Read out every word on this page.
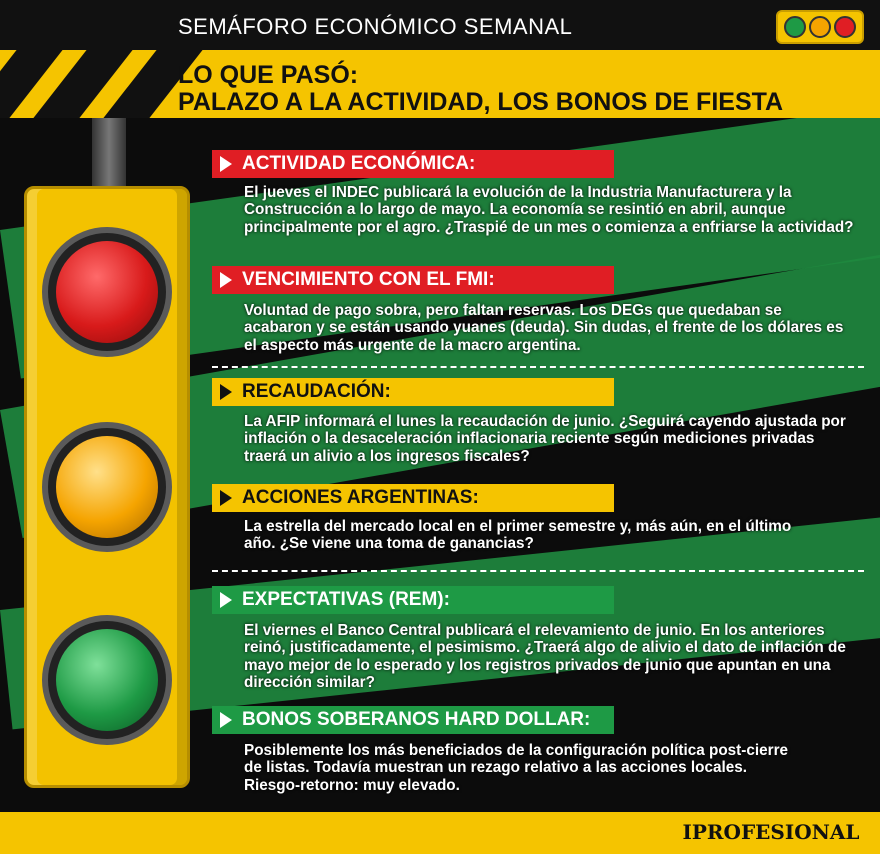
SEMÁFORO ECONÓMICO SEMANAL
LO QUE PASÓ:
PALAZO A LA ACTIVIDAD, LOS BONOS DE FIESTA
ACTIVIDAD ECONÓMICA:
El jueves el INDEC publicará la evolución de la Industria Manufacturera y la Construcción a lo largo de mayo. La economía se resintió en abril, aunque principalmente por el agro. ¿Traspié de un mes o comienza a enfriarse la actividad?
VENCIMIENTO CON EL FMI:
Voluntad de pago sobra, pero faltan reservas. Los DEGs que quedaban se acabaron y se están usando yuanes (deuda). Sin dudas, el frente de los dólares es el aspecto más urgente de la macro argentina.
RECAUDACIÓN:
La AFIP informará el lunes la recaudación de junio. ¿Seguirá cayendo ajustada por inflación o la desaceleración inflacionaria reciente según mediciones privadas traerá un alivio a los ingresos fiscales?
ACCIONES ARGENTINAS:
La estrella del mercado local en el primer semestre y, más aún, en el último año. ¿Se viene una toma de ganancias?
EXPECTATIVAS (REM):
El viernes el Banco Central publicará el relevamiento de junio. En los anteriores reinó, justificadamente, el pesimismo. ¿Traerá algo de alivio el dato de inflación de mayo mejor de lo esperado y los registros privados de junio que apuntan en una dirección similar?
BONOS SOBERANOS HARD DOLLAR:
Posiblemente los más beneficiados de la configuración política post-cierre de listas. Todavía muestran un rezago relativo a las acciones locales. Riesgo-retorno: muy elevado.
IPROFESIONAL
